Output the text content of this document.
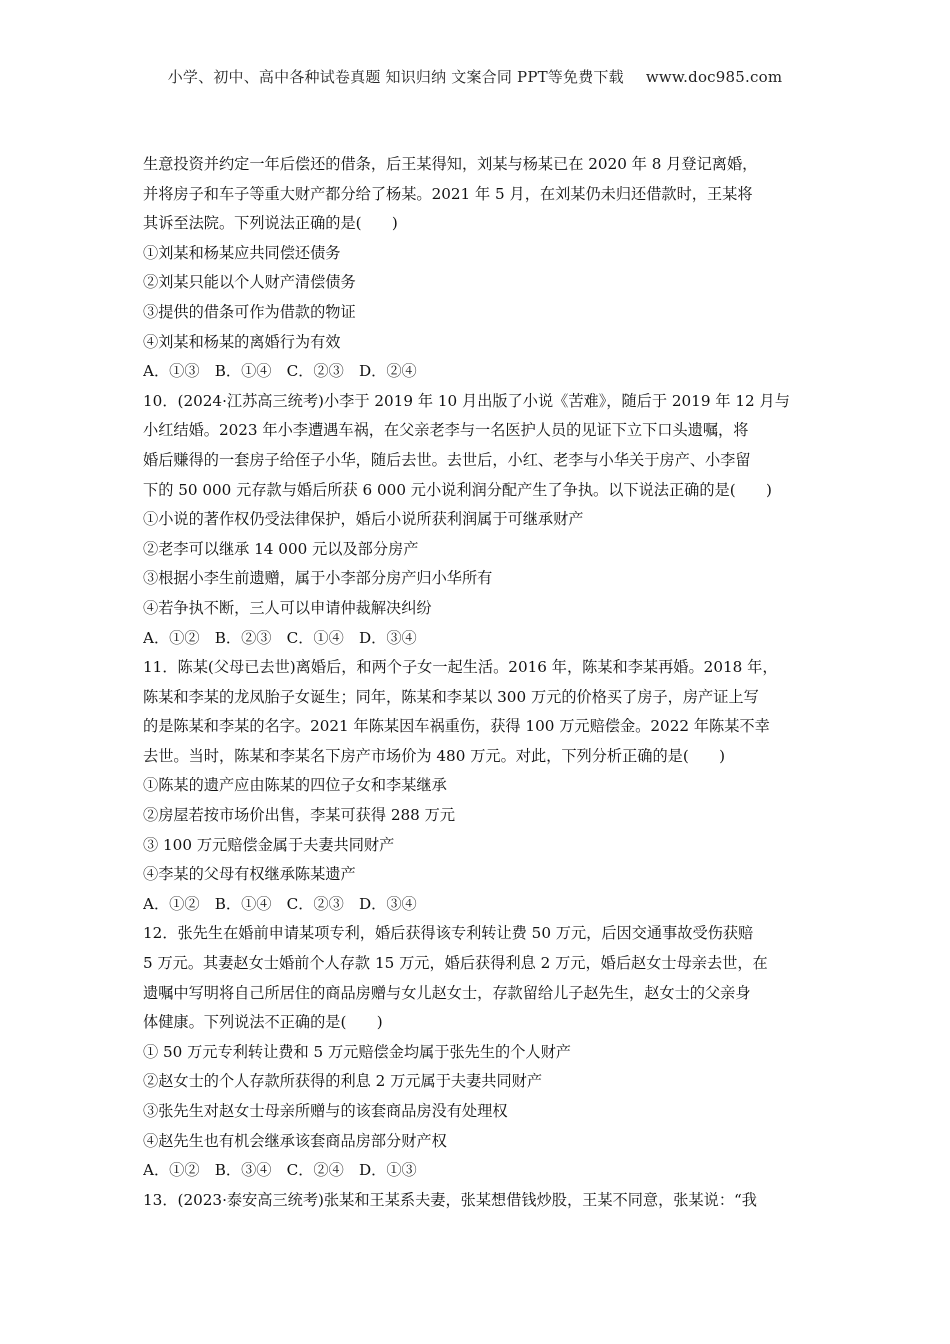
小学、初中、高中各种试卷真题 知识归纳 文案合同 PPT等免费下载 www.doc985.com
生意投资并约定一年后偿还的借条，后王某得知，刘某与杨某已在 2020 年 8 月登记离婚，
并将房子和车子等重大财产都分给了杨某。2021 年 5 月，在刘某仍未归还借款时，王某将
其诉至法院。下列说法正确的是(　　)
①刘某和杨某应共同偿还债务
②刘某只能以个人财产清偿债务
③提供的借条可作为借款的物证
④刘某和杨某的离婚行为有效
A．①③　B．①④　C．②③　D．②④
10．(2024·江苏高三统考)小李于 2019 年 10 月出版了小说《苦难》，随后于 2019 年 12 月与
小红结婚。2023 年小李遭遇车祸，在父亲老李与一名医护人员的见证下立下口头遗嘱，将
婚后赚得的一套房子给侄子小华，随后去世。去世后，小红、老李与小华关于房产、小李留
下的 50 000 元存款与婚后所获 6 000 元小说利润分配产生了争执。以下说法正确的是(　　)
①小说的著作权仍受法律保护，婚后小说所获利润属于可继承财产
②老李可以继承 14 000 元以及部分房产
③根据小李生前遗赠，属于小李部分房产归小华所有
④若争执不断，三人可以申请仲裁解决纠纷
A．①②　B．②③　C．①④　D．③④
11．陈某(父母已去世)离婚后，和两个子女一起生活。2016 年，陈某和李某再婚。2018 年，
陈某和李某的龙凤胎子女诞生；同年，陈某和李某以 300 万元的价格买了房子，房产证上写
的是陈某和李某的名字。2021 年陈某因车祸重伤，获得 100 万元赔偿金。2022 年陈某不幸
去世。当时，陈某和李某名下房产市场价为 480 万元。对此，下列分析正确的是(　　)
①陈某的遗产应由陈某的四位子女和李某继承
②房屋若按市场价出售，李某可获得 288 万元
③ 100 万元赔偿金属于夫妻共同财产
④李某的父母有权继承陈某遗产
A．①②　B．①④　C．②③　D．③④
12．张先生在婚前申请某项专利，婚后获得该专利转让费 50 万元，后因交通事故受伤获赔
5 万元。其妻赵女士婚前个人存款 15 万元，婚后获得利息 2 万元，婚后赵女士母亲去世，在
遗嘱中写明将自己所居住的商品房赠与女儿赵女士，存款留给儿子赵先生，赵女士的父亲身
体健康。下列说法不正确的是(　　)
① 50 万元专利转让费和 5 万元赔偿金均属于张先生的个人财产
②赵女士的个人存款所获得的利息 2 万元属于夫妻共同财产
③张先生对赵女士母亲所赠与的该套商品房没有处理权
④赵先生也有机会继承该套商品房部分财产权
A．①②　B．③④　C．②④　D．①③
13．(2023·泰安高三统考)张某和王某系夫妻，张某想借钱炒股，王某不同意，张某说：“我
